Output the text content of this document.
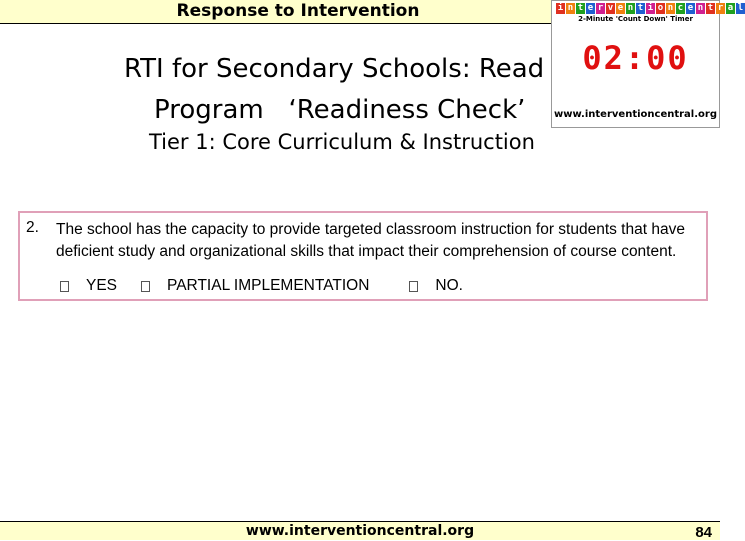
Response to Intervention
RTI for Secondary Schools: Read
Program   ‘Readiness Check’
Tier 1: Core Curriculum & Instruction
i n t e r v e n t i o n c e n t r a l
2-Minute 'Count Down' Timer
02:00
www.interventioncentral.org
2. The school has the capacity to provide targeted classroom instruction for students that have deficient study and organizational skills that impact their comprehension of course content.
YES	PARTIAL IMPLEMENTATION	NO.
www.interventioncentral.org	84
